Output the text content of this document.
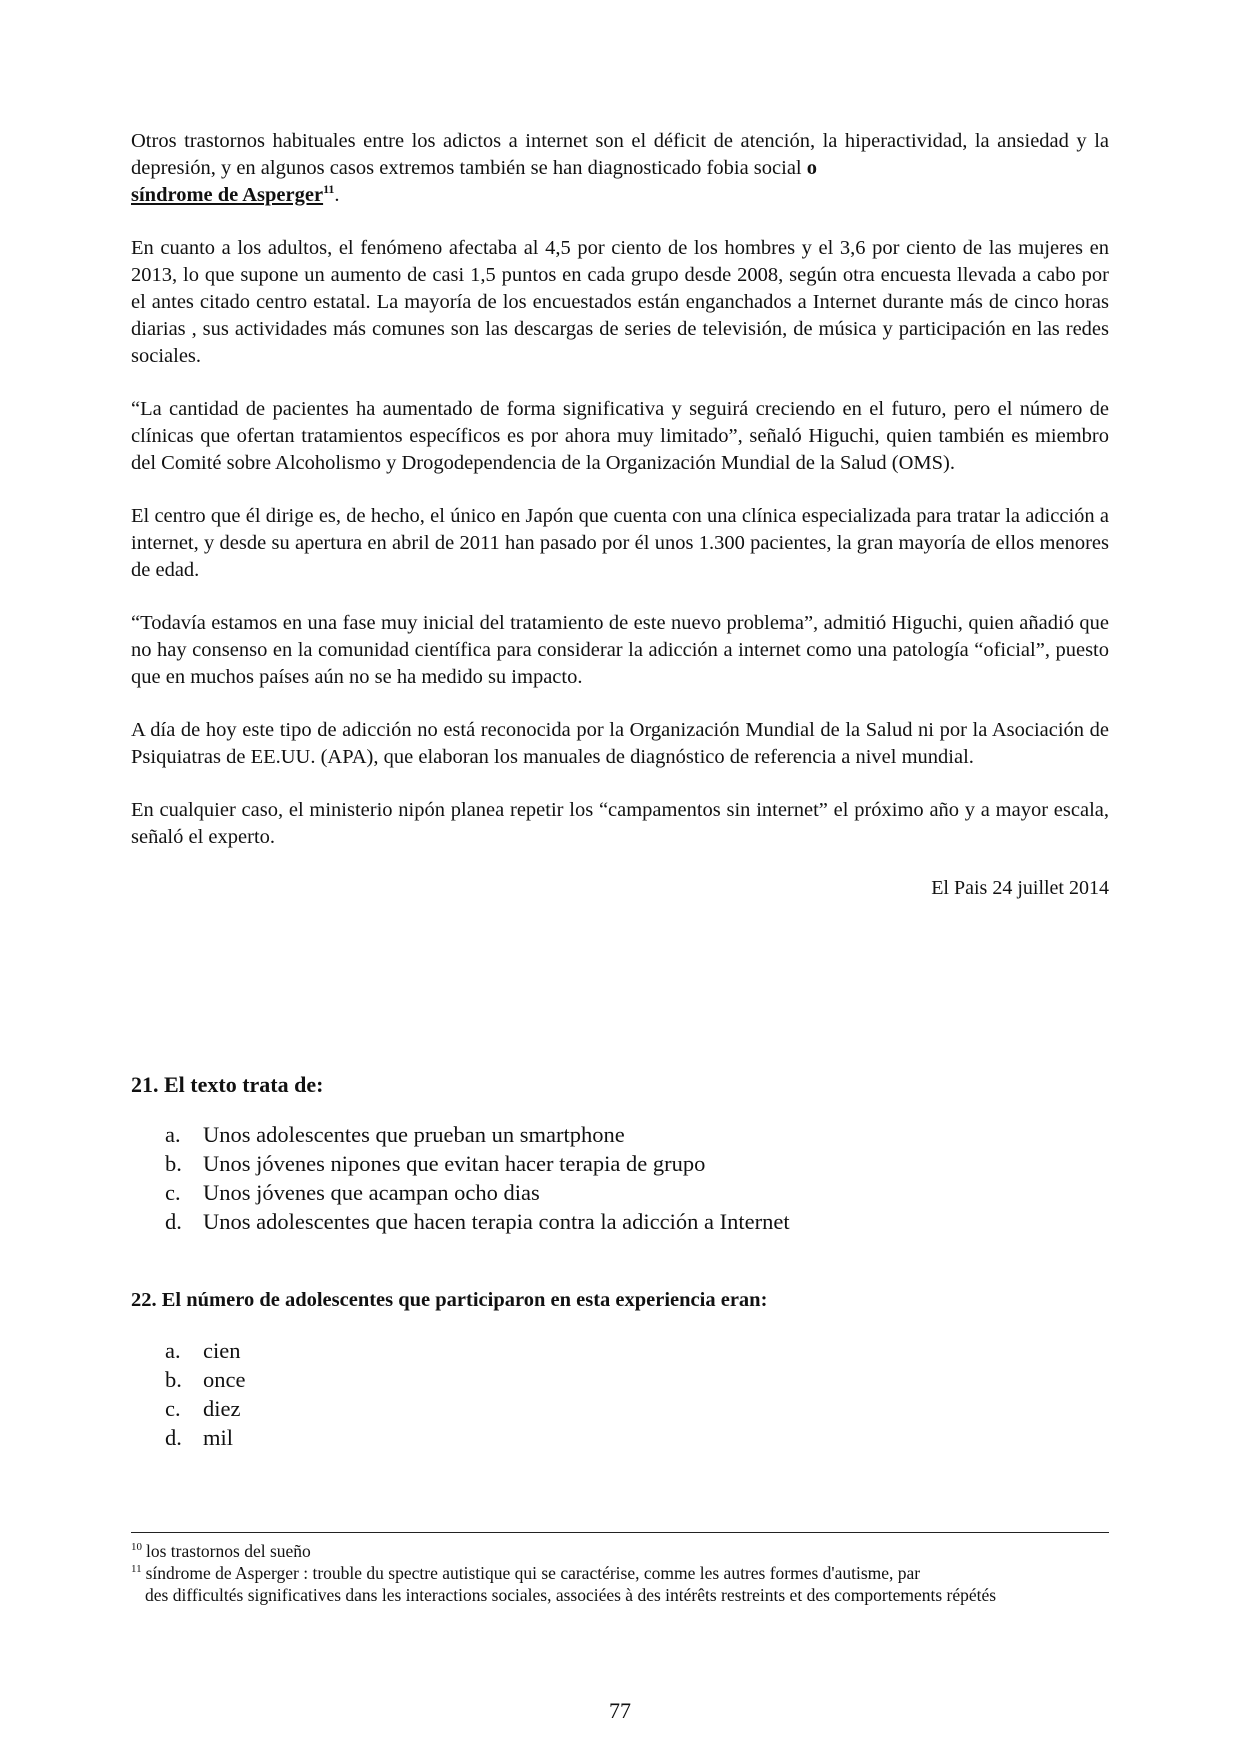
Otros trastornos habituales entre los adictos a internet son el déficit de atención, la hiperactividad, la ansiedad y la depresión, y en algunos casos extremos también se han diagnosticado fobia social o
síndrome de Asperger$^{11}$.

En cuanto a los adultos, el fenómeno afectaba al 4,5 por ciento de los hombres y el 3,6 por ciento de las mujeres en 2013, lo que supone un aumento de casi 1,5 puntos en cada grupo desde 2008, según otra encuesta llevada a cabo por el antes citado centro estatal. La mayoría de los encuestados están enganchados a Internet durante más de cinco horas diarias , sus actividades más comunes son las descargas de series de televisión, de música y participación en las redes sociales.

“La cantidad de pacientes ha aumentado de forma significativa y seguirá creciendo en el futuro, pero el número de clínicas que ofertan tratamientos específicos es por ahora muy limitado”, señaló Higuchi, quien también es miembro del Comité sobre Alcoholismo y Drogodependencia de la Organización Mundial de la Salud (OMS).

El centro que él dirige es, de hecho, el único en Japón que cuenta con una clínica especializada para tratar la adicción a internet, y desde su apertura en abril de 2011 han pasado por él unos 1.300 pacientes, la gran mayoría de ellos menores de edad.

“Todavía estamos en una fase muy inicial del tratamiento de este nuevo problema”, admitió Higuchi, quien añadió que no hay consenso en la comunidad científica para considerar la adicción a internet como una patología “oficial”, puesto que en muchos países aún no se ha medido su impacto.

A día de hoy este tipo de adicción no está reconocida por la Organización Mundial de la Salud ni por la Asociación de Psiquiatras de EE.UU. (APA), que elaboran los manuales de diagnóstico de referencia a nivel mundial.

En cualquier caso, el ministerio nipón planea repetir los “campamentos sin internet” el próximo año y a mayor escala, señaló el experto.

El Pais 24 juillet 2014
21. El texto trata de:
a. Unos adolescentes que prueban un smartphone
b. Unos jóvenes nipones que evitan hacer terapia de grupo
c. Unos jóvenes que acampan ocho dias
d. Unos adolescentes que hacen terapia contra la adicción a Internet
22. El número de adolescentes que participaron en esta experiencia eran:
a. cien
b. once
c. diez
d. mil

$^{10}$ los trastornos del sueño

$^{11}$ síndrome de Asperger : trouble du spectre autistique qui se caractérise, comme les autres formes d'autisme, par

des difficultés significatives dans les interactions sociales, associées à des intérêts restreints et des comportements répétés

77
